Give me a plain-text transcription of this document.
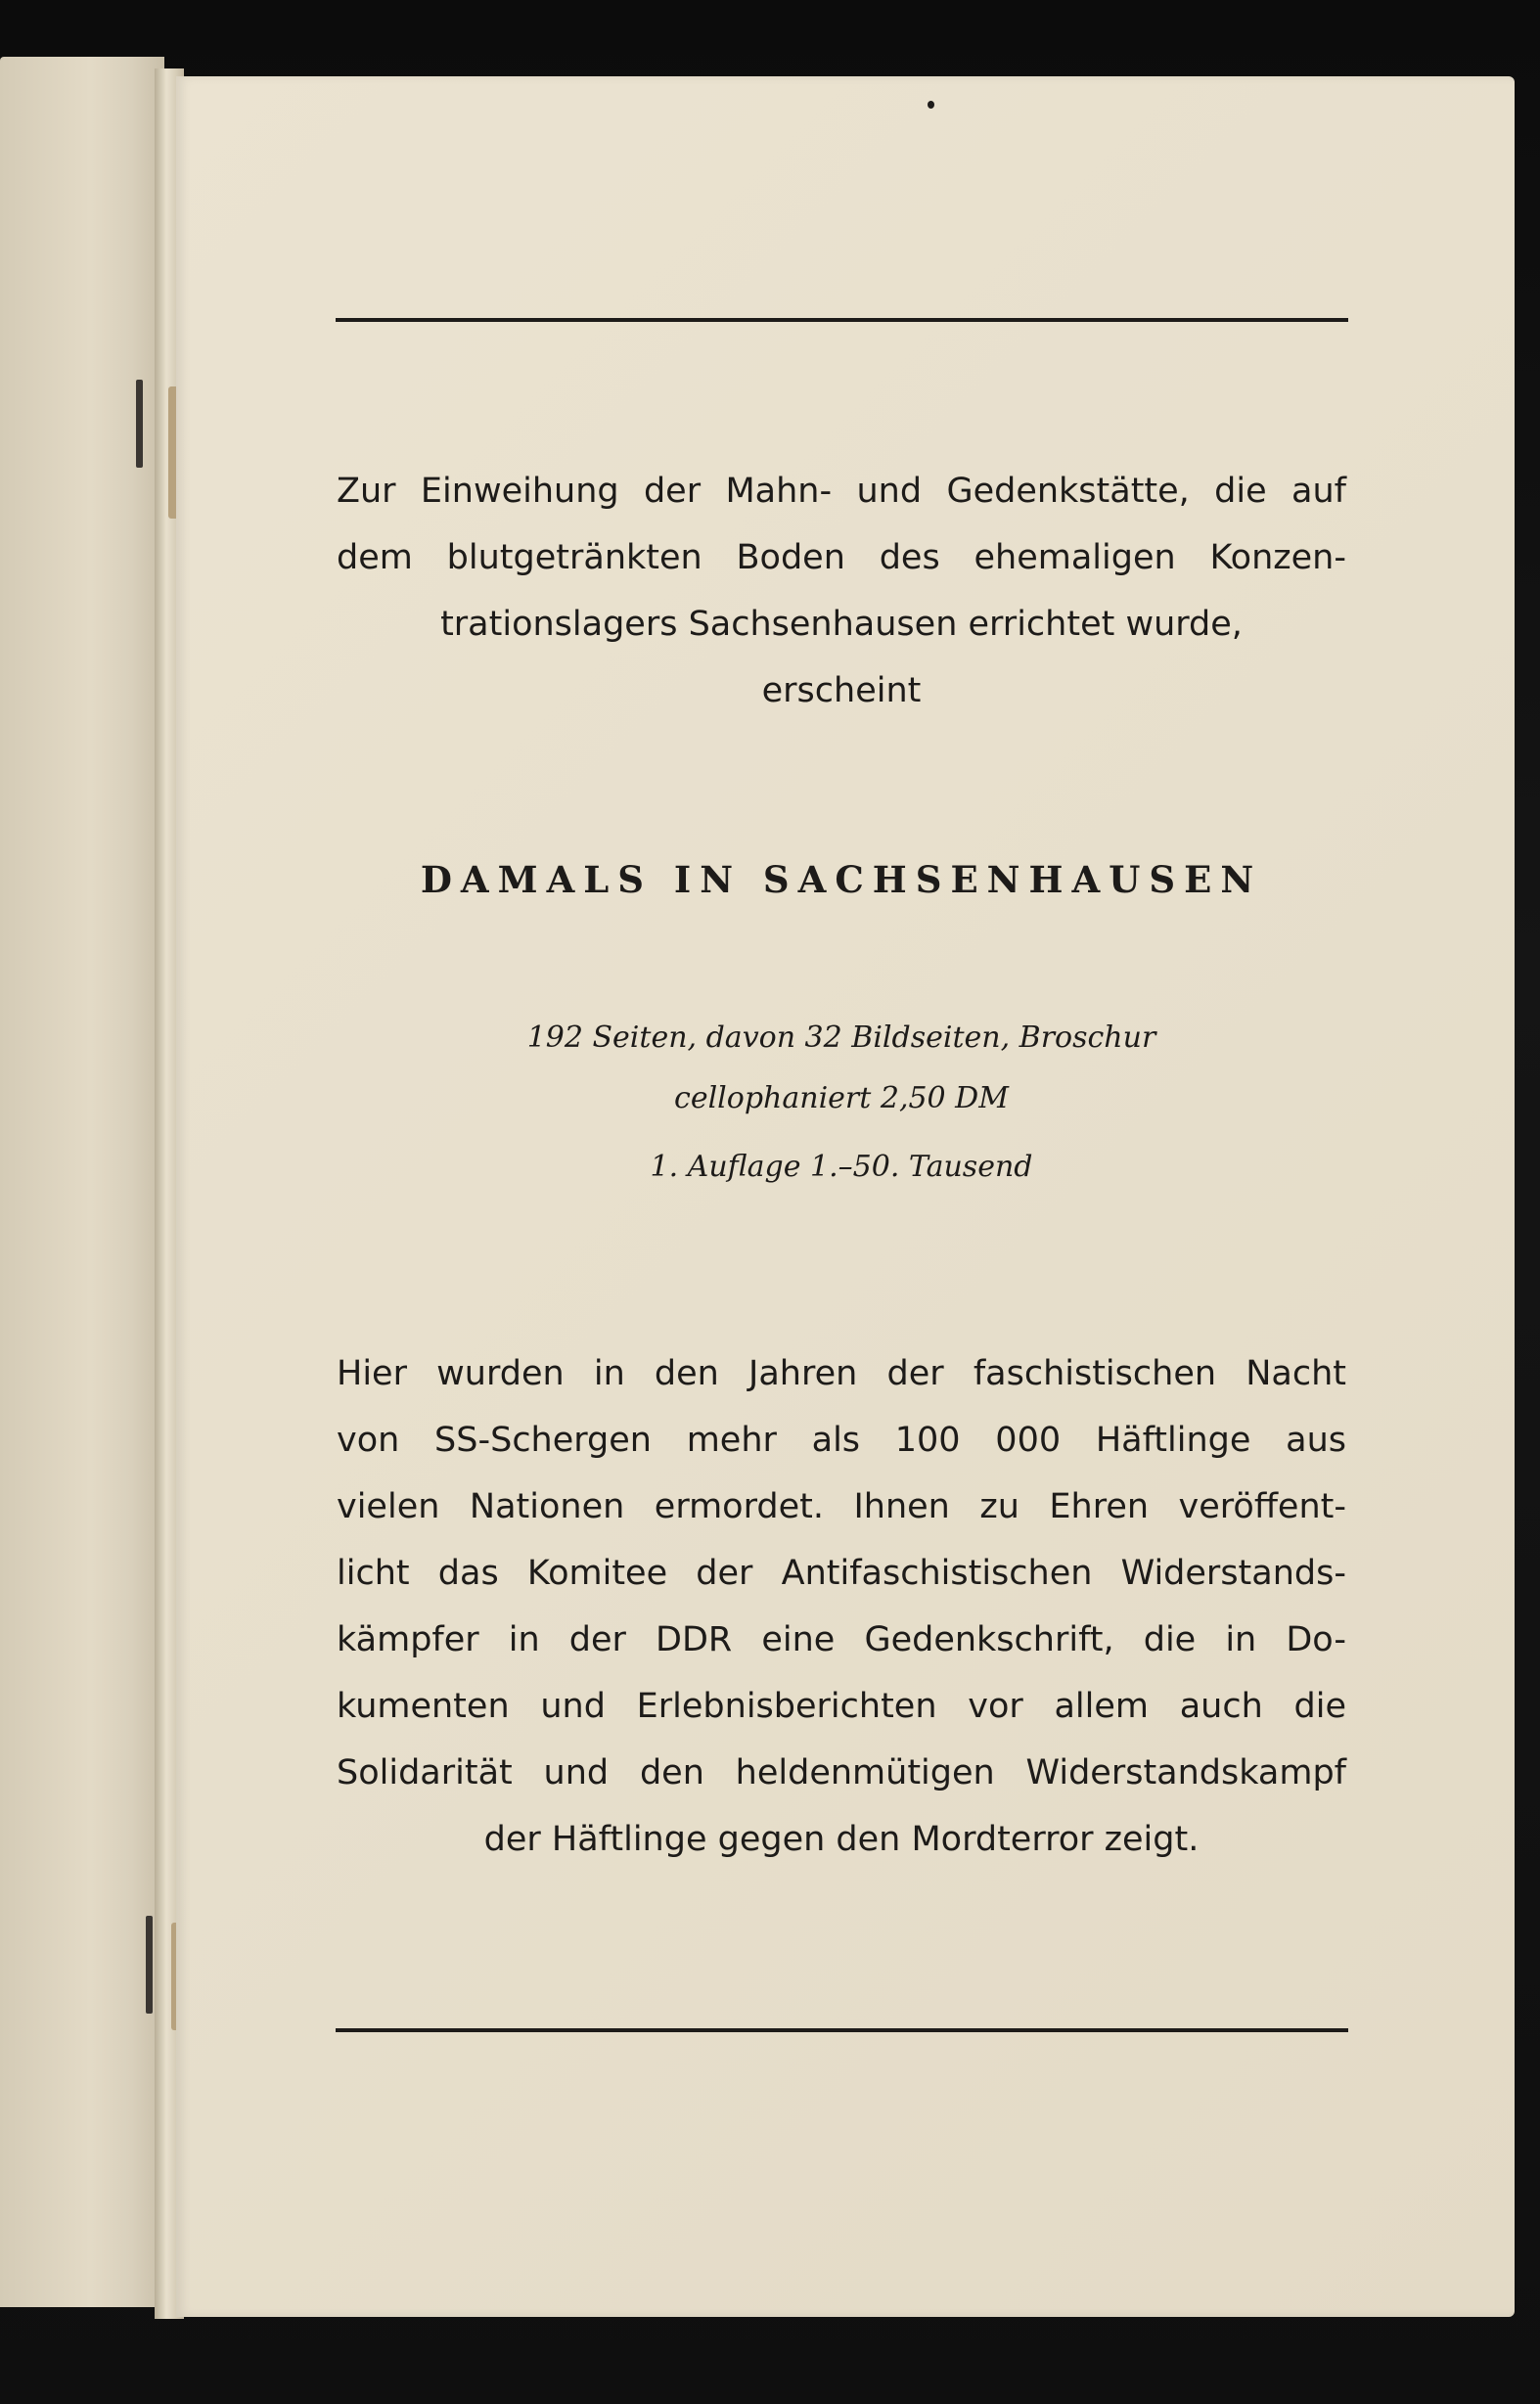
Zur Einweihung der Mahn- und Gedenkstätte, die auf
dem blutgetränkten Boden des ehemaligen Konzen-
trationslagers Sachsenhausen errichtet wurde,
erscheint
DAMALS IN SACHSENHAUSEN
192 Seiten, davon 32 Bildseiten, Broschur
cellophaniert 2,50 DM
1. Auflage 1.–50. Tausend
Hier wurden in den Jahren der faschistischen Nacht
von SS-Schergen mehr als 100 000 Häftlinge aus
vielen Nationen ermordet. Ihnen zu Ehren veröffent-
licht das Komitee der Antifaschistischen Widerstands-
kämpfer in der DDR eine Gedenkschrift, die in Do-
kumenten und Erlebnisberichten vor allem auch die
Solidarität und den heldenmütigen Widerstandskampf
der Häftlinge gegen den Mordterror zeigt.
